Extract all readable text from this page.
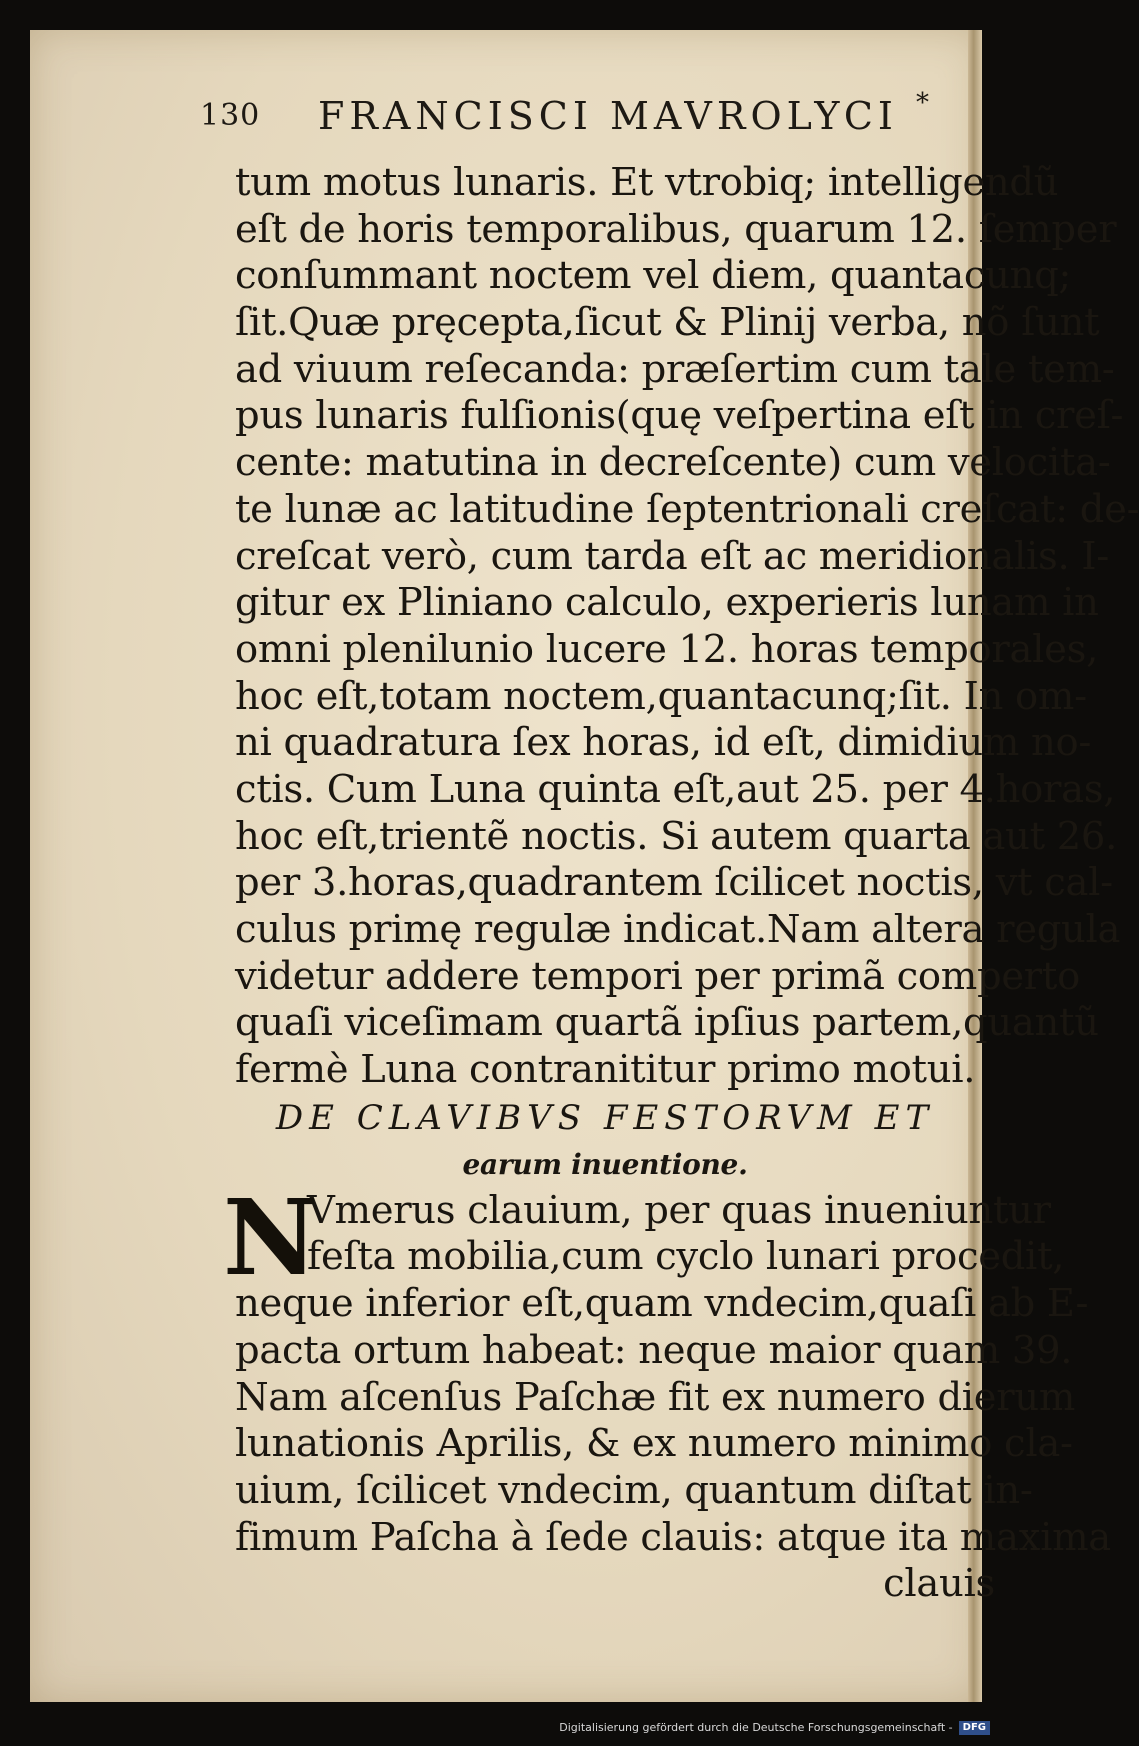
130 FRANCISCI MAVROLYCI *
tum motus lunaris. Et vtrobiq; intelligendũ
eſt de horis temporalibus, quarum 12. ſemper
conſummant noctem vel diem, quantacunq;
ſit.Quæ pręcepta,ſicut & Plinij verba, nõ ſunt
ad viuum reſecanda: præſertim cum tale tem-
pus lunaris fulſionis(quę veſpertina eſt in creſ-
cente: matutina in decreſcente) cum velocita-
te lunæ ac latitudine ſeptentrionali creſcat: de-
creſcat verò, cum tarda eſt ac meridionalis. I-
gitur ex Pliniano calculo, experieris lunam in
omni plenilunio lucere 12. horas temporales,
hoc eſt,totam noctem,quantacunq;ſit. In om-
ni quadratura ſex horas, id eſt, dimidium no-
ctis. Cum Luna quinta eſt,aut 25. per 4.horas,
hoc eſt,trientẽ noctis. Si autem quarta aut 26.
per 3.horas,quadrantem ſcilicet noctis, vt cal-
culus primę regulæ indicat.Nam altera regula
videtur addere tempori per primã comperto
quaſi viceſimam quartã ipſius partem,quantũ
fermè Luna contranititur primo motui.
DE CLAVIBVS FESTORVM ET
earum inuentione.
N
Vmerus clauium, per quas inueniuntur
feſta mobilia,cum cyclo lunari procedit,
neque inferior eſt,quam vndecim,quaſi ab E-
pacta ortum habeat: neque maior quam 39.
Nam aſcenſus Paſchæ fit ex numero dierum
lunationis Aprilis, & ex numero minimo cla-
uium, ſcilicet vndecim, quantum diſtat in-
fimum Paſcha à ſede clauis: atque ita maxima
clauis
Digitalisierung gefördert durch die Deutsche Forschungsgemeinschaft - DFG
